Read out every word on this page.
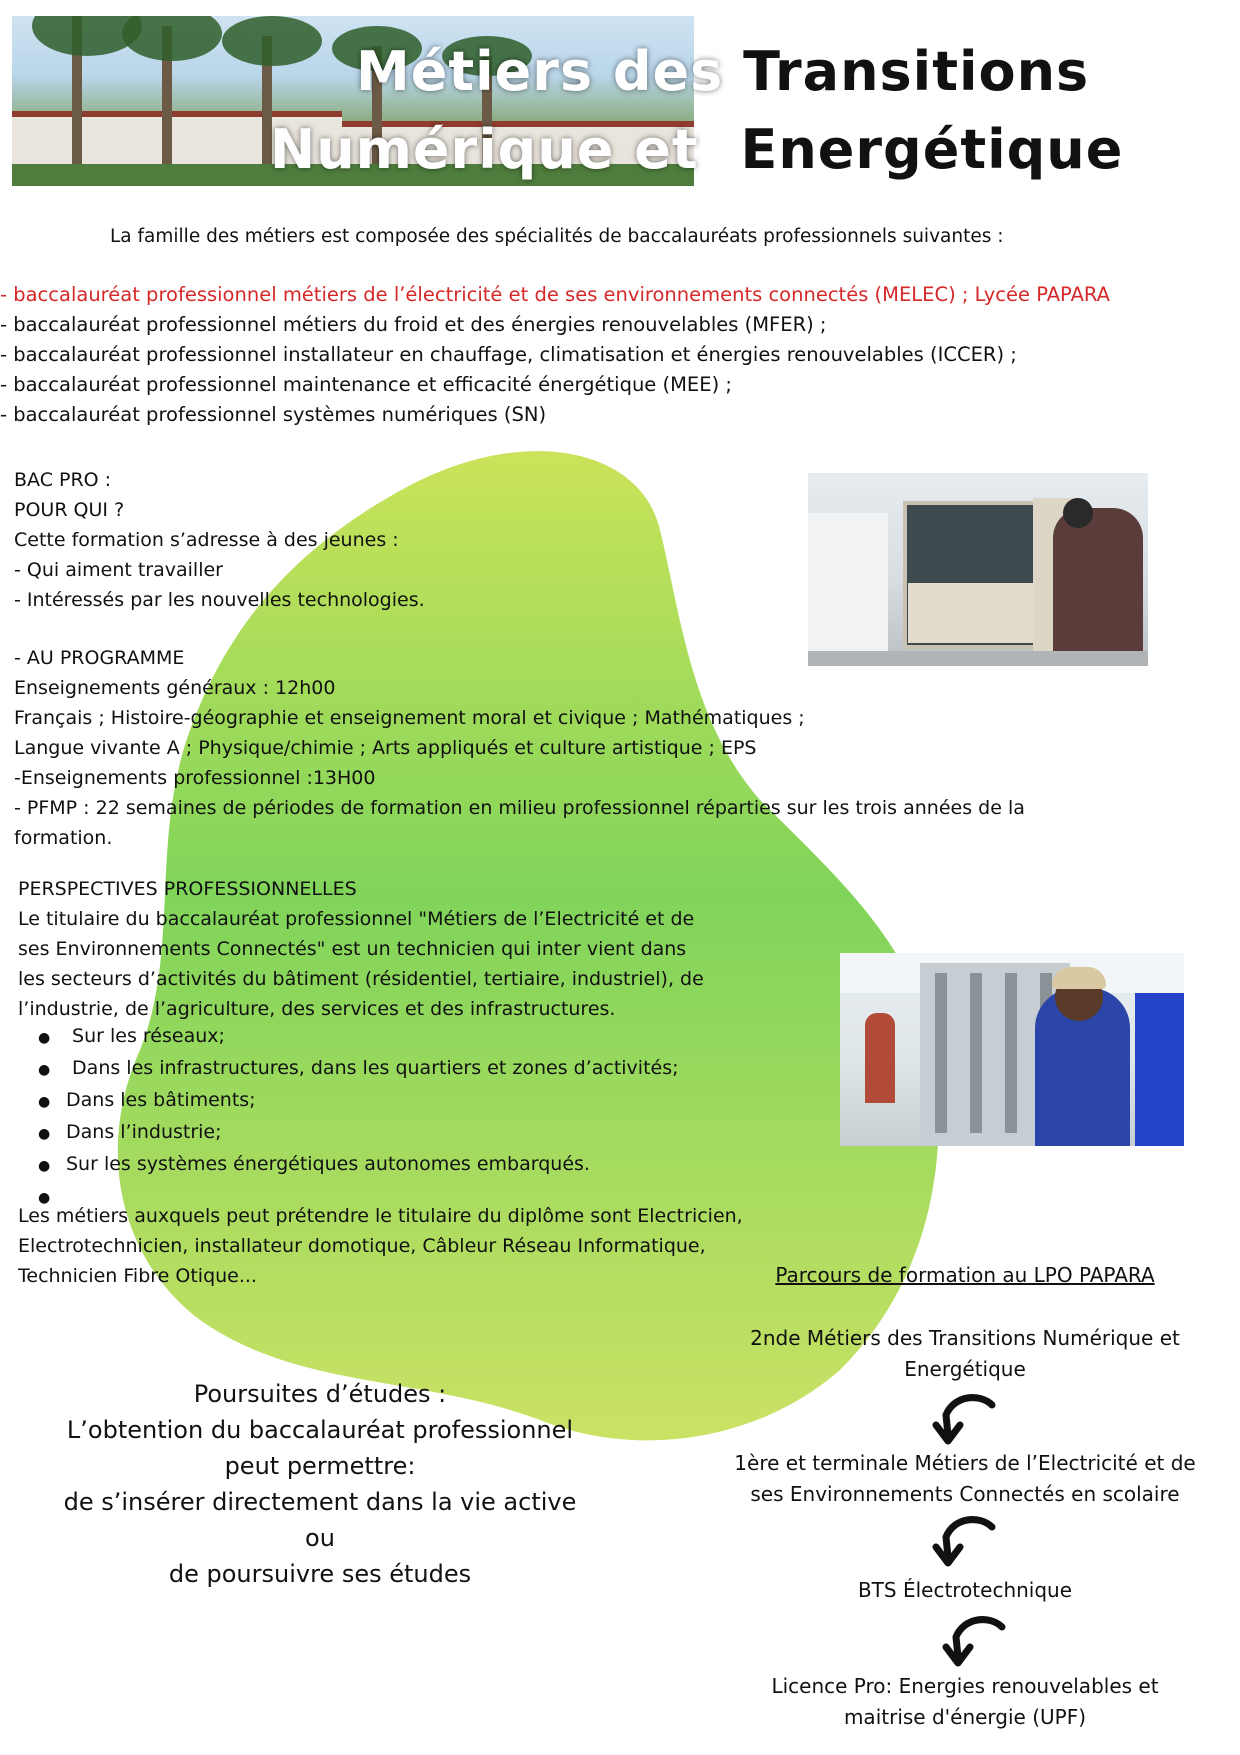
Métiers des Transitions
Numérique et Energétique
La famille des métiers est composée des spécialités de baccalauréats professionnels suivantes :
- baccalauréat professionnel métiers de l’électricité et de ses environnements connectés (MELEC) ; Lycée PAPARA
- baccalauréat professionnel métiers du froid et des énergies renouvelables (MFER) ;
- baccalauréat professionnel installateur en chauffage, climatisation et énergies renouvelables (ICCER) ;
- baccalauréat professionnel maintenance et efficacité énergétique (MEE) ;
- baccalauréat professionnel systèmes numériques (SN)
BAC PRO :
POUR QUI ?
Cette formation s’adresse à des jeunes :
- Qui aiment travailler
- Intéressés par les nouvelles technologies.
- AU PROGRAMME
Enseignements généraux : 12h00
Français ; Histoire-géographie et enseignement moral et civique ; Mathématiques ;
Langue vivante A ; Physique/chimie ; Arts appliqués et culture artistique ; EPS
-Enseignements professionnel :13H00
- PFMP : 22 semaines de périodes de formation en milieu professionnel réparties sur les trois années de la
formation.
PERSPECTIVES PROFESSIONNELLES
Le titulaire du baccalauréat professionnel "Métiers de l’Electricité et de
ses Environnements Connectés" est un technicien qui inter vient dans
les secteurs d’activités du bâtiment (résidentiel, tertiaire, industriel), de
l’industrie, de l’agriculture, des services et des infrastructures.
● Sur les réseaux;
● Dans les infrastructures, dans les quartiers et zones d’activités;
● Dans les bâtiments;
● Dans l’industrie;
● Sur les systèmes énergétiques autonomes embarqués.
●
Les métiers auxquels peut prétendre le titulaire du diplôme sont Electricien,
Electrotechnicien, installateur domotique, Câbleur Réseau Informatique,
Technicien Fibre Otique...
Poursuites d’études :
L’obtention du baccalauréat professionnel
peut permettre:
de s’insérer directement dans la vie active
ou
de poursuivre ses études
Parcours de formation au LPO PAPARA
2nde Métiers des Transitions Numérique et
Energétique
1ère et terminale Métiers de l’Electricité et de
ses Environnements Connectés en scolaire
BTS Électrotechnique
Licence Pro: Energies renouvelables et
maitrise d'énergie (UPF)
